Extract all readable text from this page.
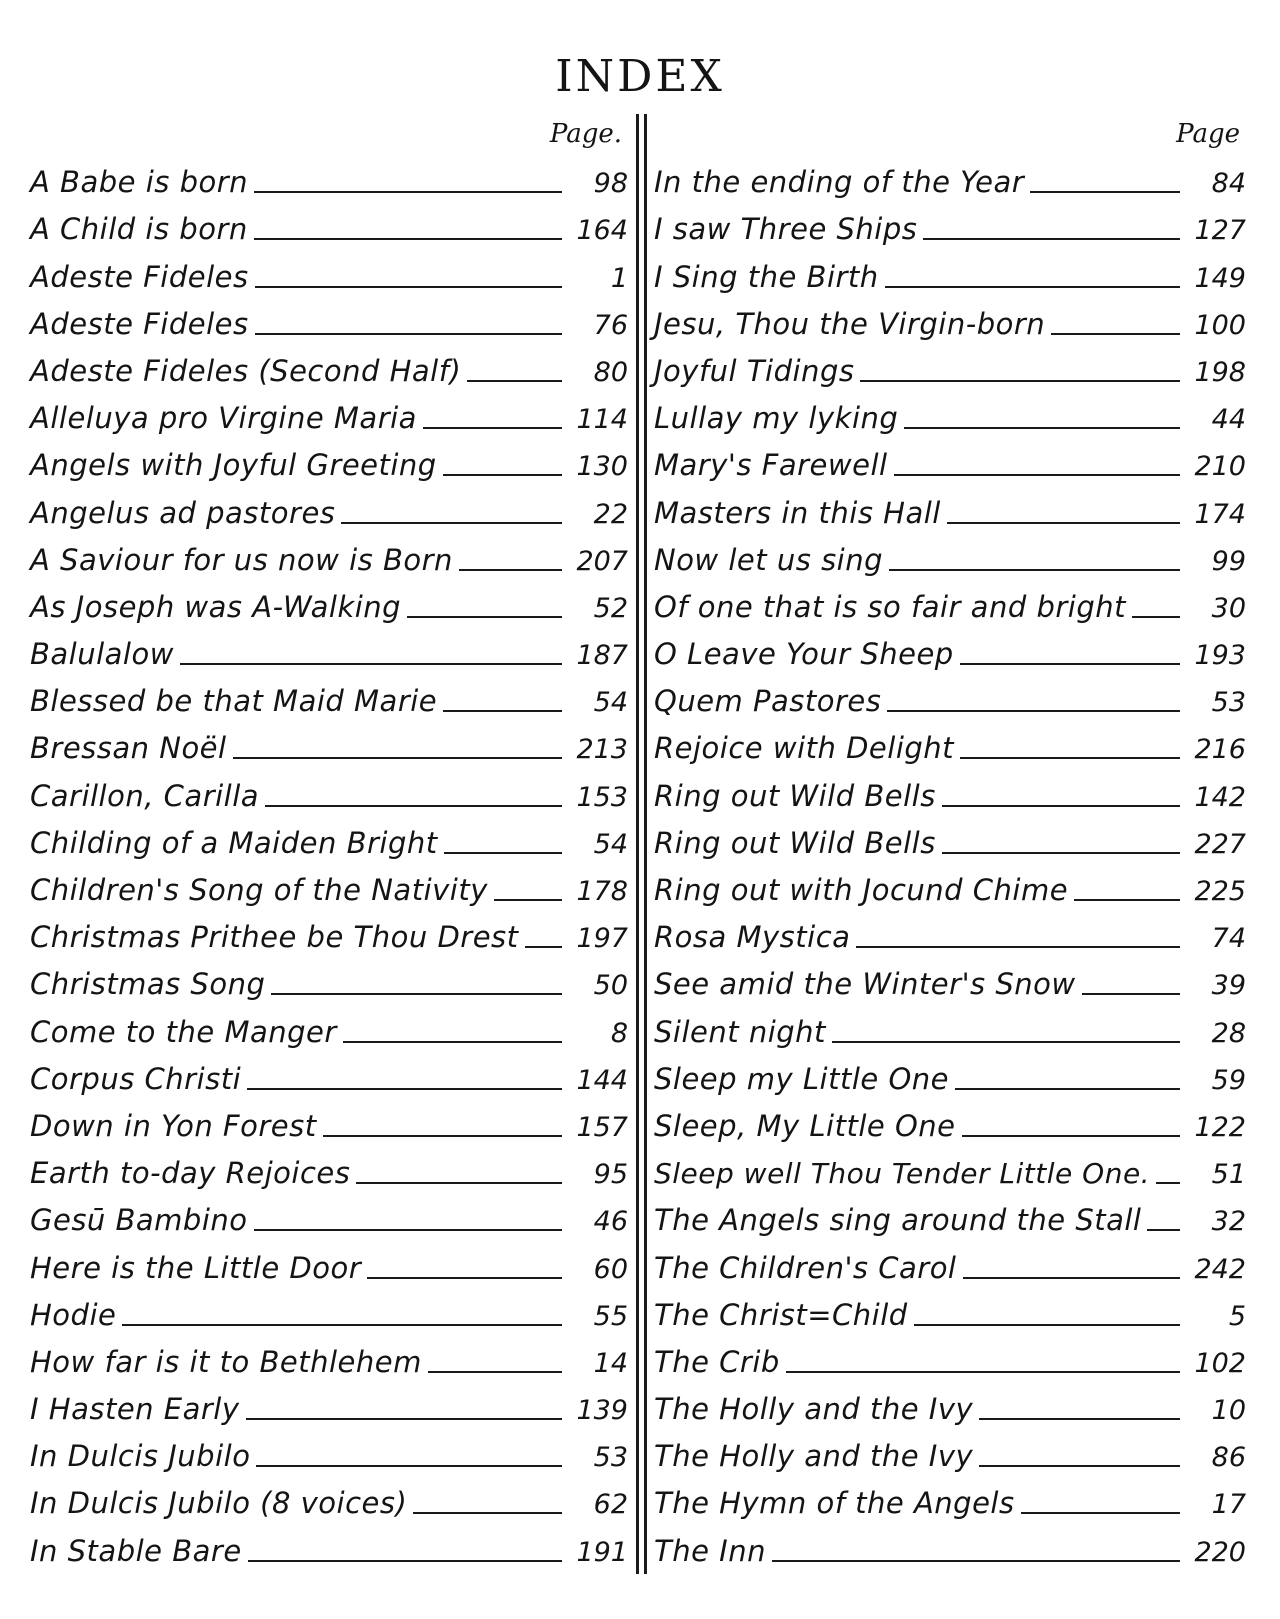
INDEX
Page.
A Babe is born	98
A Child is born	164
Adeste Fideles	1
Adeste Fideles	76
Adeste Fideles (Second Half)	80
Alleluya pro Virgine Maria	114
Angels with Joyful Greeting	130
Angelus ad pastores	22
A Saviour for us now is Born	207
As Joseph was A-Walking	52
Balulalow	187
Blessed be that Maid Marie	54
Bressan Noël	213
Carillon, Carilla	153
Childing of a Maiden Bright	54
Children's Song of the Nativity	178
Christmas Prithee be Thou Drest 197
Christmas Song	50
Come to the Manger	8
Corpus Christi	144
Down in Yon Forest	157
Earth to-day Rejoices	95
Gesū Bambino	46
Here is the Little Door	60
Hodie	55
How far is it to Bethlehem	14
I Hasten Early	139
In Dulcis Jubilo	53
In Dulcis Jubilo (8 voices)	62
In Stable Bare	191
Page
In the ending of the Year	84
I saw Three Ships	127
I Sing the Birth	149
Jesu, Thou the Virgin-born	100
Joyful Tidings	198
Lullay my lyking	44
Mary's Farewell	210
Masters in this Hall	174
Now let us sing	99
Of one that is so fair and bright	30
O Leave Your Sheep	193
Quem Pastores	53
Rejoice with Delight	216
Ring out Wild Bells	142
Ring out Wild Bells	227
Ring out with Jocund Chime	225
Rosa Mystica	74
See amid the Winter's Snow	39
Silent night	28
Sleep my Little One	59
Sleep, My Little One	122
Sleep well Thou Tender Little One.	51
The Angels sing around the Stall	32
The Children's Carol	242
The Christ=Child	5
The Crib	102
The Holly and the Ivy	10
The Holly and the Ivy	86
The Hymn of the Angels	17
The Inn	220
